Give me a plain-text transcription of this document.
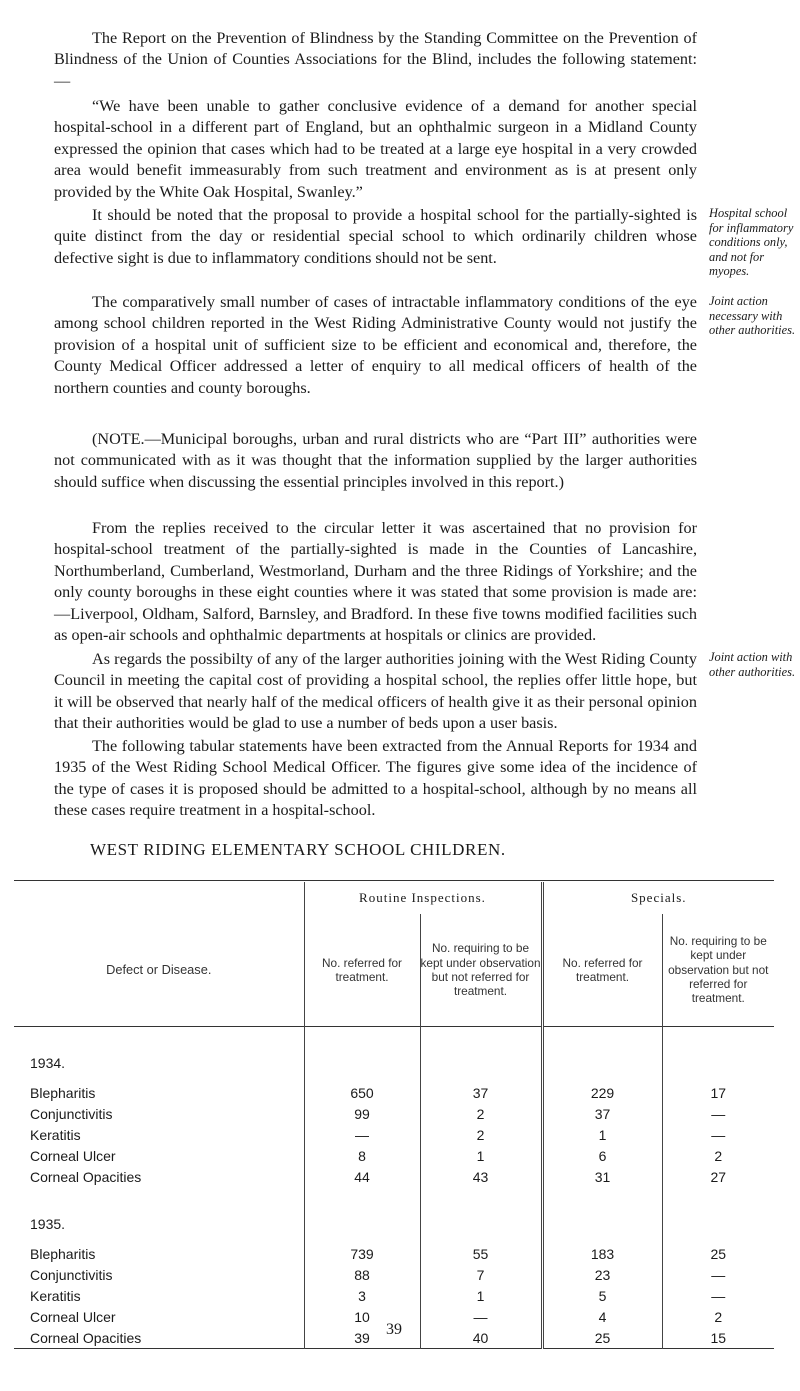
The Report on the Prevention of Blindness by the Standing Committee on the Prevention of Blindness of the Union of Counties Associations for the Blind, includes the following statement: —

“We have been unable to gather conclusive evidence of a demand for another special hospital-school in a different part of England, but an ophthalmic surgeon in a Midland County expressed the opinion that cases which had to be treated at a large eye hospital in a very crowded area would benefit immeasurably from such treatment and environment as is at present only provided by the White Oak Hospital, Swanley.”

It should be noted that the proposal to provide a hospital school for the partially-sighted is quite distinct from the day or residential special school to which ordinarily children whose defective sight is due to inflammatory conditions should not be sent.

The comparatively small number of cases of intractable inflammatory conditions of the eye among school children reported in the West Riding Administrative County would not justify the provision of a hospital unit of sufficient size to be efficient and economical and, therefore, the County Medical Officer addressed a letter of enquiry to all medical officers of health of the northern counties and county boroughs.

(NOTE.—Municipal boroughs, urban and rural districts who are “Part III” authorities were not communicated with as it was thought that the information supplied by the larger authorities should suffice when discussing the essential principles involved in this report.)

From the replies received to the circular letter it was ascertained that no provision for hospital-school treatment of the partially-sighted is made in the Counties of Lancashire, Northumberland, Cumberland, Westmorland, Durham and the three Ridings of Yorkshire; and the only county boroughs in these eight counties where it was stated that some provision is made are:—Liverpool, Oldham, Salford, Barnsley, and Bradford. In these five towns modified facilities such as open-air schools and ophthalmic departments at hospitals or clinics are provided.

As regards the possibilty of any of the larger authorities joining with the West Riding County Council in meeting the capital cost of providing a hospital school, the replies offer little hope, but it will be observed that nearly half of the medical officers of health give it as their personal opinion that their authorities would be glad to use a number of beds upon a user basis.

Hospital school for inflammatory conditions only, and not for myopes.

Joint action necessary with other authorities.

Joint action with other authorities.

The following tabular statements have been extracted from the Annual Reports for 1934 and 1935 of the West Riding School Medical Officer. The figures give some idea of the incidence of the type of cases it is proposed should be admitted to a hospital-school, although by no means all these cases require treatment in a hospital-school.

WEST RIDING ELEMENTARY SCHOOL CHILDREN.
	Routine Inspections.		Specials.	
Defect or Disease.	No. referred for treatment.	No. requiring to be kept under observation but not referred for treatment.	No. referred for treatment.	No. requiring to be kept under observation but not referred for treatment.

1934.				

Blepharitis	650	37	229	17
Conjunctivitis	99	2	37	—
Keratitis	—	2	1	—
Corneal Ulcer	8	1	6	2
Corneal Opacities	44	43	31	27
1935.				

Blepharitis	739	55	183	25
Conjunctivitis	88	7	23	—
Keratitis	3	1	5	—
Corneal Ulcer	10	—	4	2
Corneal Opacities	39	40	25	15

39
